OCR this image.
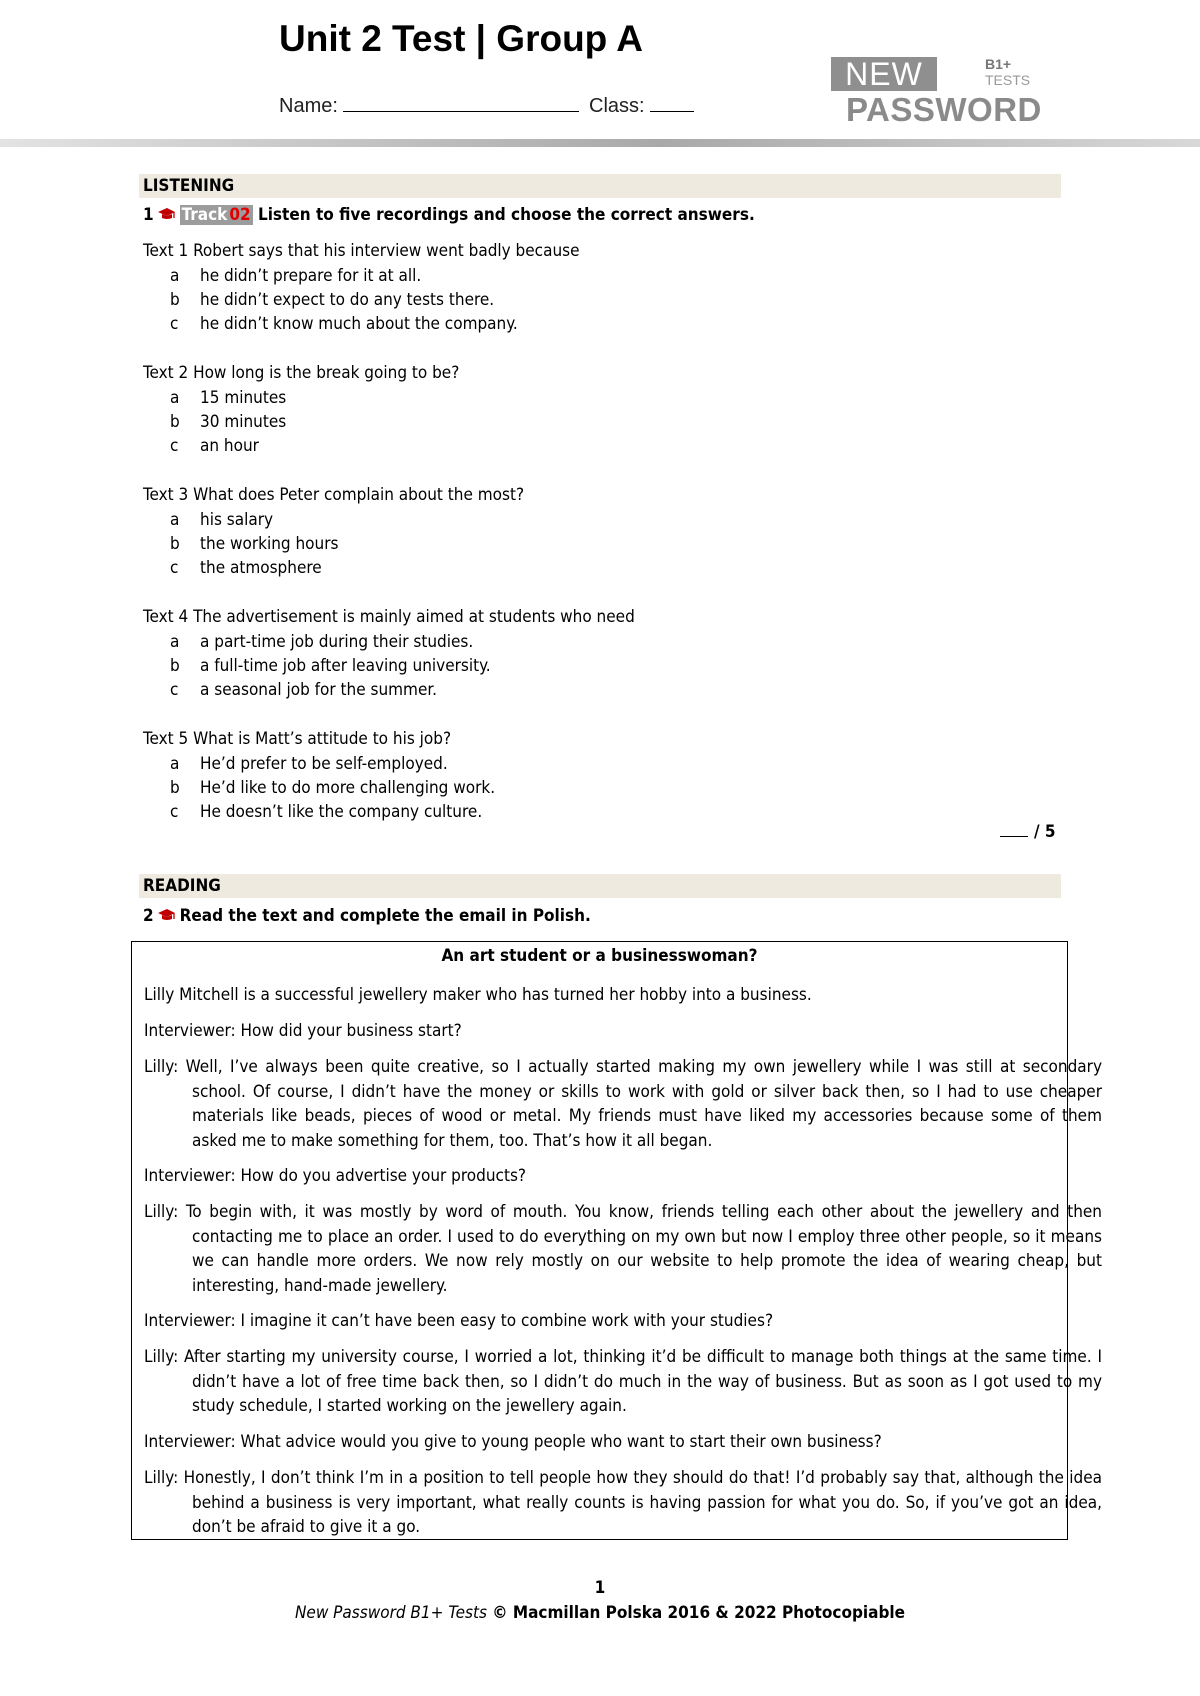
Unit 2 Test | Group A
Name:	Class:
NEW	B1+
TESTS
PASSWORD
LISTENING
1 Track 02 Listen to five recordings and choose the correct answers.
Text 1 Robert says that his interview went badly because
a he didn’t prepare for it at all.
b he didn’t expect to do any tests there.
c he didn’t know much about the company.
Text 2 How long is the break going to be?
a 15 minutes
b 30 minutes
c an hour
Text 3 What does Peter complain about the most?
a his salary
b the working hours
c the atmosphere
Text 4 The advertisement is mainly aimed at students who need
a a part-time job during their studies.
b a full-time job after leaving university.
c a seasonal job for the summer.
Text 5 What is Matt’s attitude to his job?
a He’d prefer to be self-employed.
b He’d like to do more challenging work.
c He doesn’t like the company culture.
/ 5
READING
2 Read the text and complete the email in Polish.
An art student or a businesswoman?
Lilly Mitchell is a successful jewellery maker who has turned her hobby into a business.
Interviewer: How did your business start?
Lilly: Well, I’ve always been quite creative, so I actually started making my own jewellery while I was still at secondary school. Of course, I didn’t have the money or skills to work with gold or silver back then, so I had to use cheaper materials like beads, pieces of wood or metal. My friends must have liked my accessories because some of them asked me to make something for them, too. That’s how it all began.
Interviewer: How do you advertise your products?
Lilly: To begin with, it was mostly by word of mouth. You know, friends telling each other about the jewellery and then contacting me to place an order. I used to do everything on my own but now I employ three other people, so it means we can handle more orders. We now rely mostly on our website to help promote the idea of wearing cheap, but interesting, hand-made jewellery.
Interviewer: I imagine it can’t have been easy to combine work with your studies?
Lilly: After starting my university course, I worried a lot, thinking it’d be difficult to manage both things at the same time. I didn’t have a lot of free time back then, so I didn’t do much in the way of business. But as soon as I got used to my study schedule, I started working on the jewellery again.
Interviewer: What advice would you give to young people who want to start their own business?
Lilly: Honestly, I don’t think I’m in a position to tell people how they should do that! I’d probably say that, although the idea behind a business is very important, what really counts is having passion for what you do. So, if you’ve got an idea, don’t be afraid to give it a go.
1
New Password B1+ Tests © Macmillan Polska 2016 & 2022 Photocopiable
